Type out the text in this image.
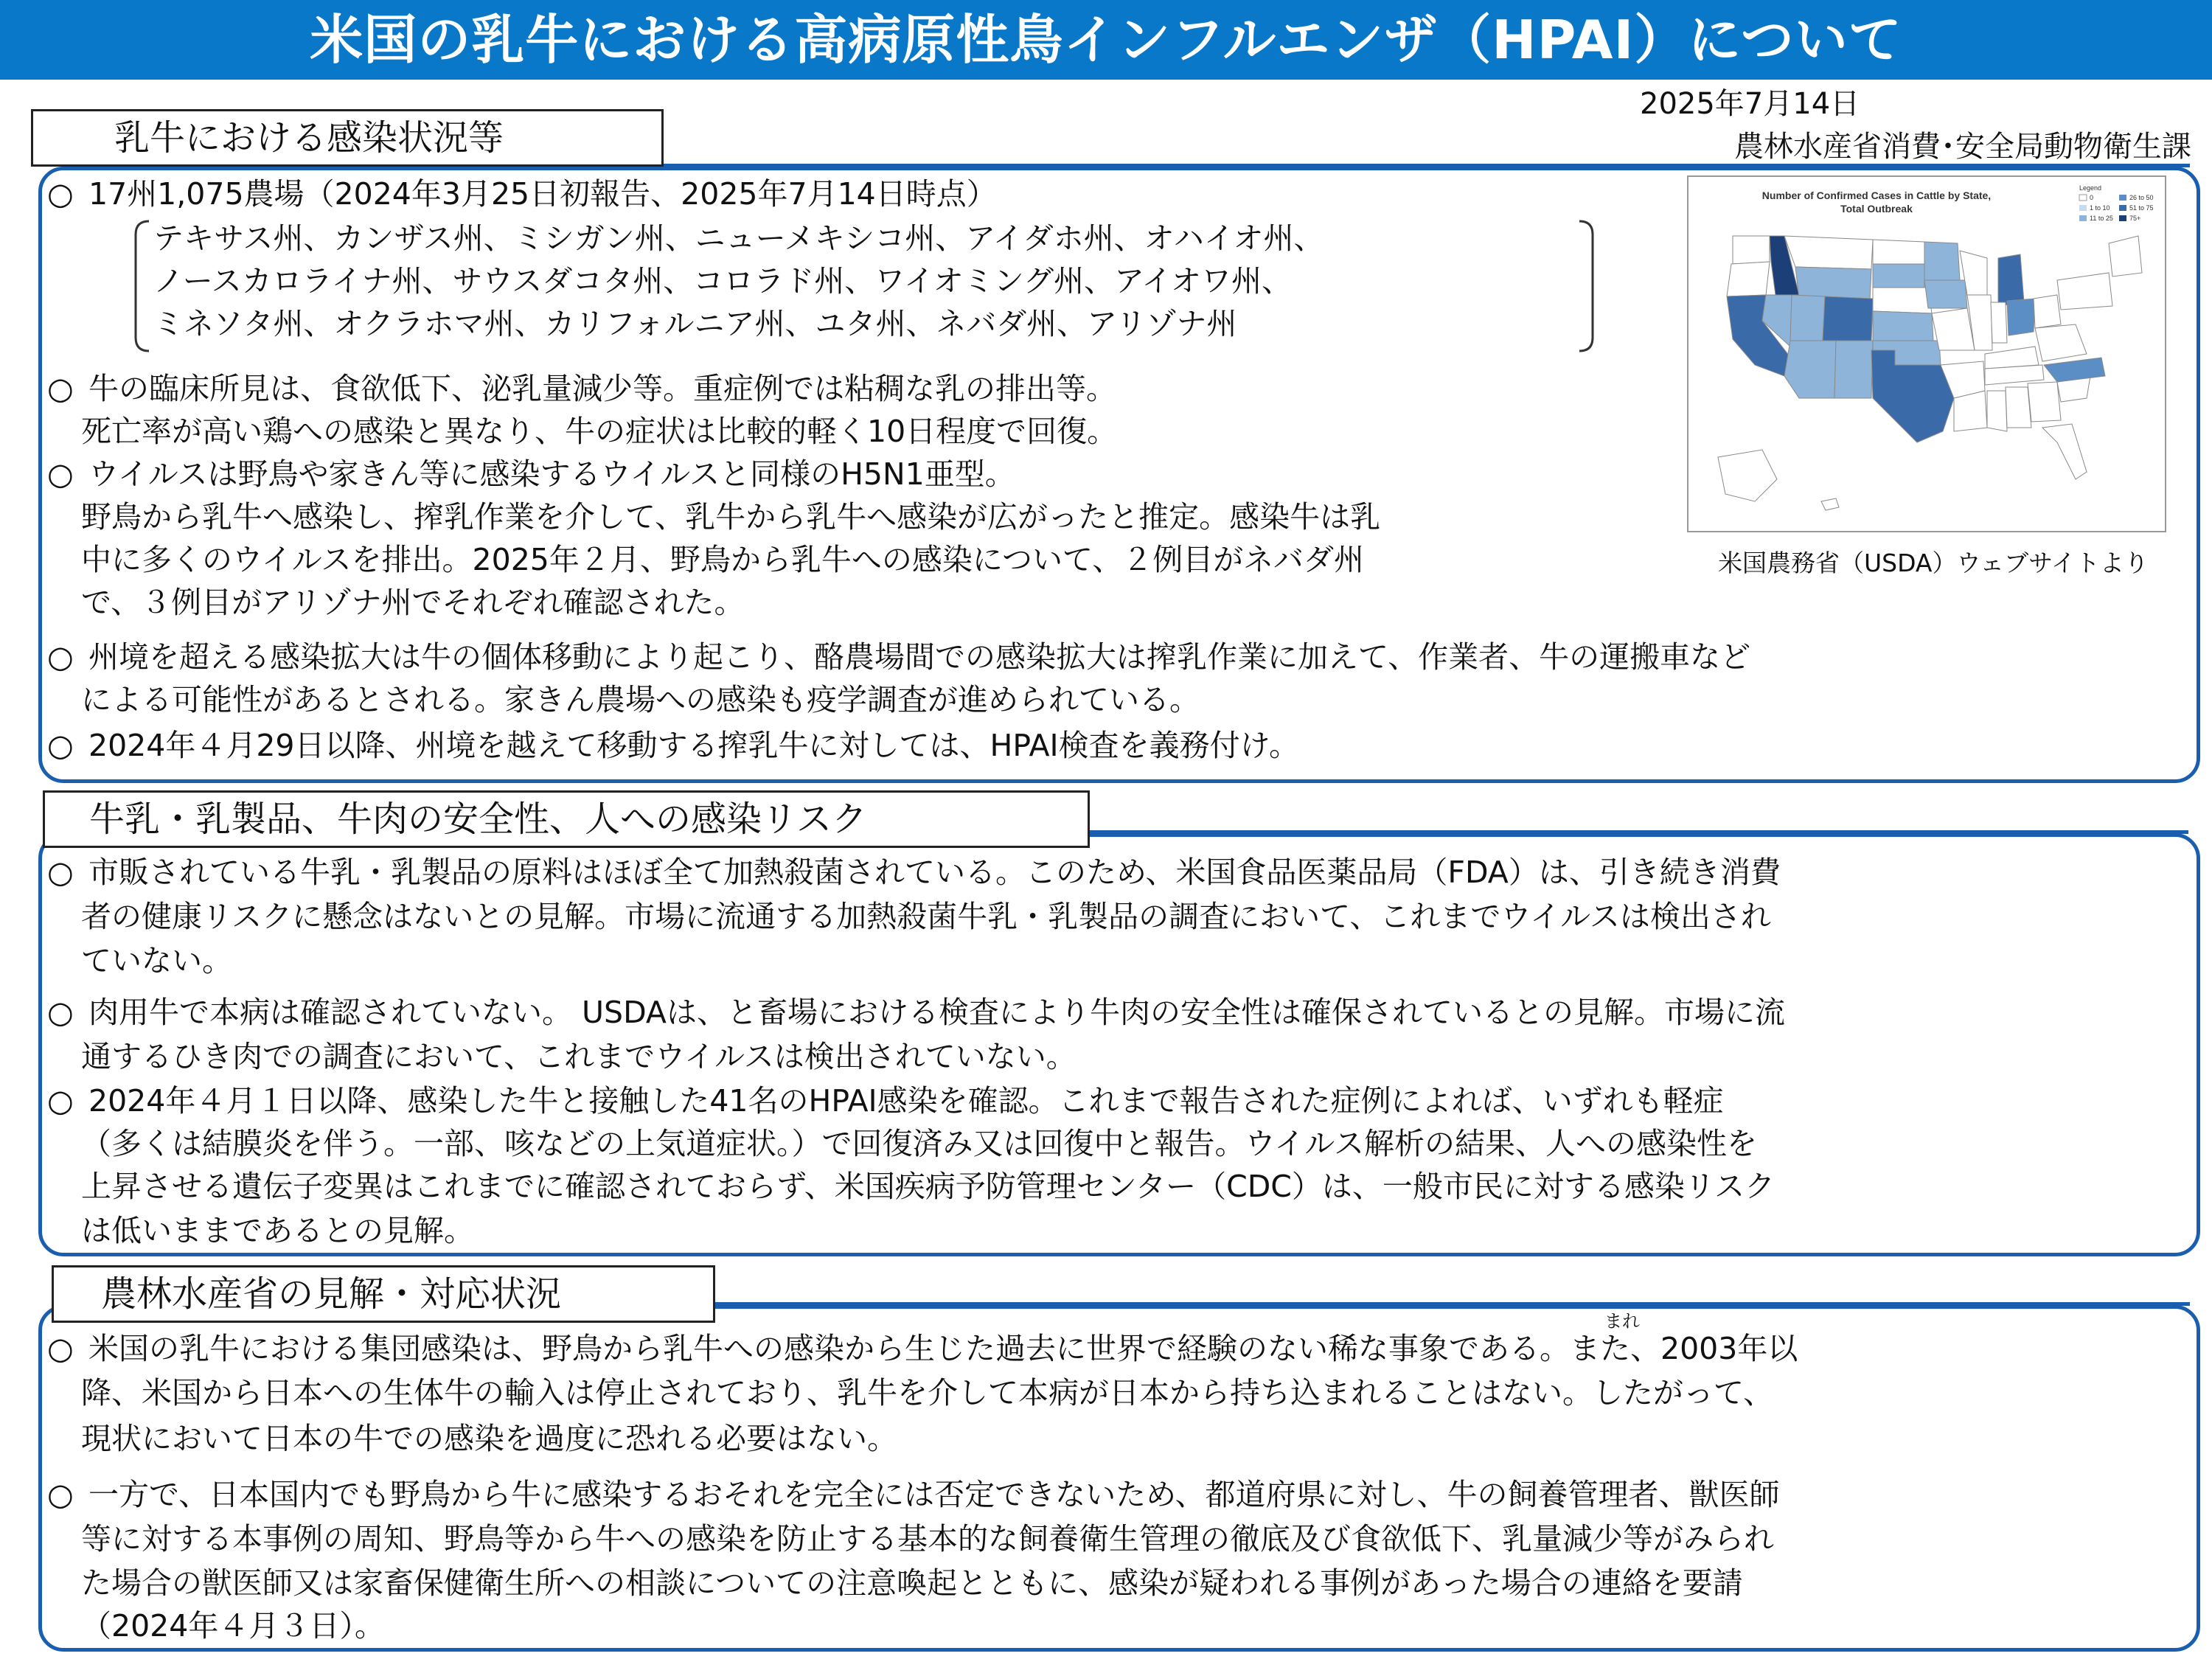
米国の乳牛における高病原性鳥インフルエンザ（HPAI）について
2025年7月14日
農林水産省消費･安全局動物衛生課
乳牛における感染状況等
○ 17州1,075農場（2024年3月25日初報告、2025年7月14日時点）
テキサス州、カンザス州、ミシガン州、ニューメキシコ州、アイダホ州、オハイオ州、
ノースカロライナ州、サウスダコタ州、コロラド州、ワイオミング州、アイオワ州、
ミネソタ州、オクラホマ州、カリフォルニア州、ユタ州、ネバダ州、アリゾナ州
○ 牛の臨床所見は、食欲低下、泌乳量減少等。重症例では粘稠な乳の排出等。
死亡率が高い鶏への感染と異なり、牛の症状は比較的軽く10日程度で回復。
○ ウイルスは野鳥や家きん等に感染するウイルスと同様のH5N1亜型。
野鳥から乳牛へ感染し、搾乳作業を介して、乳牛から乳牛へ感染が広がったと推定。感染牛は乳
中に多くのウイルスを排出。2025年２月、野鳥から乳牛への感染について、２例目がネバダ州
で、３例目がアリゾナ州でそれぞれ確認された。
○ 州境を超える感染拡大は牛の個体移動により起こり、酪農場間での感染拡大は搾乳作業に加えて、作業者、牛の運搬車など
による可能性があるとされる。家きん農場への感染も疫学調査が進められている。
○ 2024年４月29日以降、州境を越えて移動する搾乳牛に対しては、HPAI検査を義務付け。
Number of Confirmed Cases in Cattle by State,
Total Outbreak
Legend
0
1 to 10
11 to 25
26 to 50
51 to 75
75+
米国農務省（USDA）ウェブサイトより
牛乳・乳製品、牛肉の安全性、人への感染リスク
○ 市販されている牛乳・乳製品の原料はほぼ全て加熱殺菌されている。このため、米国食品医薬品局（FDA）は、引き続き消費
者の健康リスクに懸念はないとの見解。市場に流通する加熱殺菌牛乳・乳製品の調査において、これまでウイルスは検出され
ていない。
○ 肉用牛で本病は確認されていない。 USDAは、と畜場における検査により牛肉の安全性は確保されているとの見解。市場に流
通するひき肉での調査において、これまでウイルスは検出されていない。
○ 2024年４月１日以降、感染した牛と接触した41名のHPAI感染を確認。これまで報告された症例によれば、いずれも軽症
（多くは結膜炎を伴う。一部、咳などの上気道症状。）で回復済み又は回復中と報告。ウイルス解析の結果、人への感染性を
上昇させる遺伝子変異はこれまでに確認されておらず、米国疾病予防管理センター（CDC）は、一般市民に対する感染リスク
は低いままであるとの見解。
農林水産省の見解・対応状況
まれ
○ 米国の乳牛における集団感染は、野鳥から乳牛への感染から生じた過去に世界で経験のない稀な事象である。また、2003年以
降、米国から日本への生体牛の輸入は停止されており、乳牛を介して本病が日本から持ち込まれることはない。したがって、
現状において日本の牛での感染を過度に恐れる必要はない。
○ 一方で、日本国内でも野鳥から牛に感染するおそれを完全には否定できないため、都道府県に対し、牛の飼養管理者、獣医師
等に対する本事例の周知、野鳥等から牛への感染を防止する基本的な飼養衛生管理の徹底及び食欲低下、乳量減少等がみられ
た場合の獣医師又は家畜保健衛生所への相談についての注意喚起とともに、感染が疑われる事例があった場合の連絡を要請
（2024年４月３日）。
